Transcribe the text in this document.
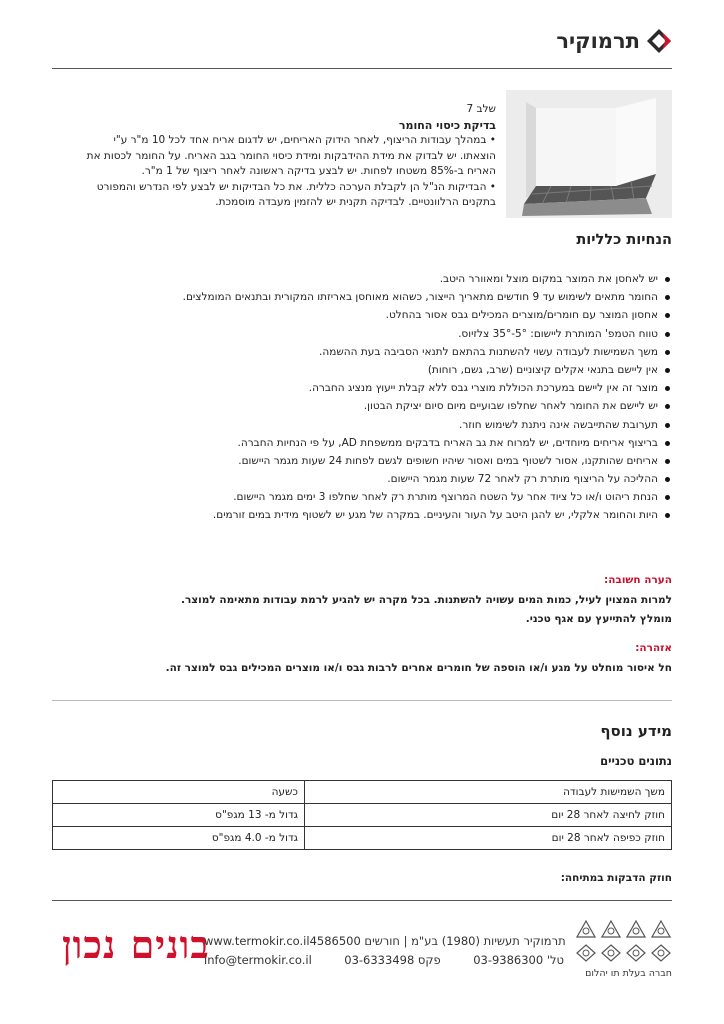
תרמוקיר
שלב 7
בדיקת כיסוי החומר
• במהלך עבודות הריצוף, לאחר הידוק האריחים, יש לדגום אריח אחד לכל 10 מ"ר ע"י
הוצאתו. יש לבדוק את מידת ההידבקות ומידת כיסוי החומר בגב האריח. על החומר לכסות את
האריח ב-85% משטחו לפחות. יש לבצע בדיקה ראשונה לאחר ריצוף של 1 מ"ר.
• הבדיקות הנ"ל הן לקבלת הערכה כללית. את כל הבדיקות יש לבצע לפי הנדרש והמפורט
בתקנים הרלוונטיים. לבדיקה תקנית יש להזמין מעבדה מוסמכת.
הנחיות כלליות
יש לאחסן את המוצר במקום מוצל ומאוורר היטב.
החומר מתאים לשימוש עד 9 חודשים מתאריך הייצור, כשהוא מאוחסן באריזתו המקורית ובתנאים המומלצים.
אחסון המוצר עם חומרים/מוצרים המכילים גבס אסור בהחלט.
טווח הטמפ' המותרת ליישום: 5°-35° צלזיוס.
משך השמישות לעבודה עשוי להשתנות בהתאם לתנאי הסביבה בעת ההשמה.
אין ליישם בתנאי אקלים קיצוניים (שרב, גשם, רוחות)
מוצר זה אין ליישם במערכת הכוללת מוצרי גבס ללא קבלת ייעוץ מנציג החברה.
יש ליישם את החומר לאחר שחלפו שבועיים מיום סיום יציקת הבטון.
תערובת שהתייבשה אינה ניתנת לשימוש חוזר.
בריצוף אריחים מיוחדים, יש למרוח את גב האריח בדבקים ממשפחת AD, על פי הנחיות החברה.
אריחים שהותקנו, אסור לשטוף במים ואסור שיהיו חשופים לגשם לפחות 24 שעות מגמר היישום.
ההליכה על הריצוף מותרת רק לאחר 72 שעות מגמר היישום.
הנחת ריהוט ו/או כל ציוד אחר על השטח המרוצף מותרת רק לאחר שחלפו 3 ימים מגמר היישום.
היות והחומר אלקלי, יש להגן היטב על העור והעיניים. במקרה של מגע יש לשטוף מידית במים זורמים.
הערה חשובה:
למרות המצוין לעיל, כמות המים עשויה להשתנות. בכל מקרה יש להגיע לרמת עבודות מתאימה למוצר.
מומלץ להתייעץ עם אגף טכני.
אזהרה:
חל איסור מוחלט על מגע ו/או הוספה של חומרים אחרים לרבות גבס ו/או מוצרים המכילים גבס למוצר זה.
מידע נוסף
נתונים טכניים
משך השמישות לעבודה	כשעה
חוזק לחיצה לאחר 28 יום	גדול מ- 13 מגפ"ס
חוזק כפיפה לאחר 28 יום	גדול מ- 4.0 מגפ"ס
חוזק הדבקות במתיחה:
בונים נכון
www.termokir.co.il תרמוקיר תעשיות (1980) בע"מ | חורשים 4586500
info@termokir.co.il	פקס 03-6333498	טל' 03-9386300
חברה בעלת תו יהלום
